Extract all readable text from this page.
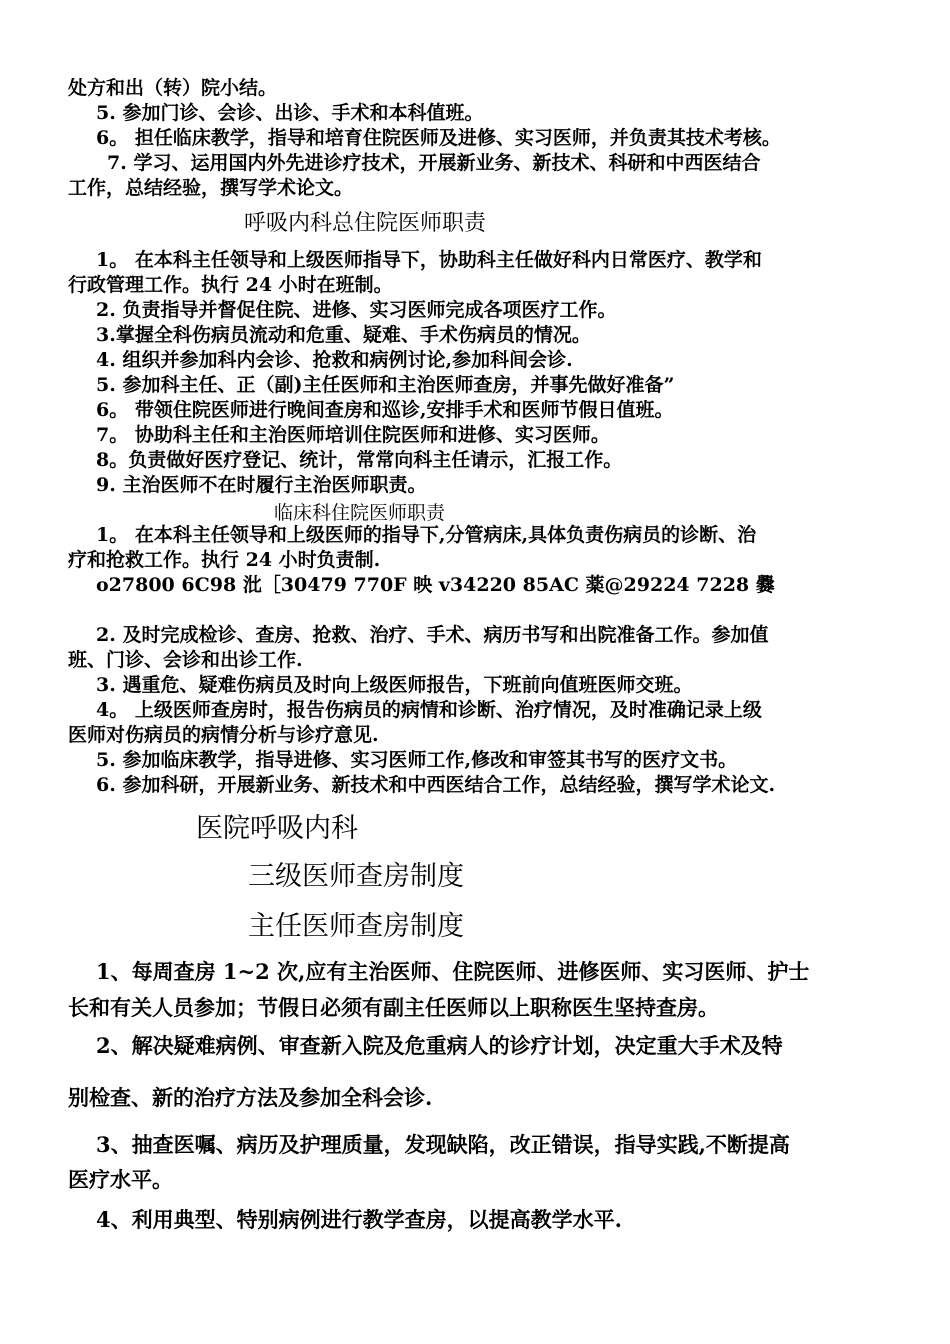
处方和出（转）院小结。
5. 参加门诊、会诊、出诊、手术和本科值班。
6。 担任临床教学，指导和培育住院医师及进修、实习医师，并负责其技术考核。
7. 学习、运用国内外先进诊疗技术，开展新业务、新技术、科研和中西医结合
工作，总结经验，撰写学术论文。
呼吸内科总住院医师职责
1。 在本科主任领导和上级医师指导下，协助科主任做好科内日常医疗、教学和
行政管理工作。执行 24 小时在班制。
2. 负责指导并督促住院、进修、实习医师完成各项医疗工作。
3.掌握全科伤病员流动和危重、疑难、手术伤病员的情况。
4. 组织并参加科内会诊、抢救和病例讨论,参加科间会诊.
5. 参加科主任、正（副)主任医师和主治医师查房，并事先做好准备”
6。 带领住院医师进行晚间查房和巡诊,安排手术和医师节假日值班。
7。 协助科主任和主治医师培训住院医师和进修、实习医师。
8。负责做好医疗登记、统计，常常向科主任请示，汇报工作。
9. 主治医师不在时履行主治医师职责。
临床科住院医师职责
1。 在本科主任领导和上级医师的指导下,分管病床,具体负责伤病员的诊断、治
疗和抢救工作。执行 24 小时负责制.
o27800 6C98 沘［30479 770F 映 v34220 85AC 薬@29224 7228 爨
2. 及时完成检诊、查房、抢救、治疗、手术、病历书写和出院准备工作。参加值
班、门诊、会诊和出诊工作.
3. 遇重危、疑难伤病员及时向上级医师报告，下班前向值班医师交班。
4。 上级医师查房时，报告伤病员的病情和诊断、治疗情况，及时准确记录上级
医师对伤病员的病情分析与诊疗意见.
5. 参加临床教学，指导进修、实习医师工作,修改和审签其书写的医疗文书。
6. 参加科研，开展新业务、新技术和中西医结合工作，总结经验，撰写学术论文.
医院呼吸内科
三级医师查房制度
主任医师查房制度
1、每周查房 1~2 次,应有主治医师、住院医师、进修医师、实习医师、护士
长和有关人员参加；节假日必须有副主任医师以上职称医生坚持查房。
2、解决疑难病例、审查新入院及危重病人的诊疗计划，决定重大手术及特
别检查、新的治疗方法及参加全科会诊.
3、抽查医嘱、病历及护理质量，发现缺陷，改正错误，指导实践,不断提高
医疗水平。
4、利用典型、特别病例进行教学查房，以提高教学水平.
